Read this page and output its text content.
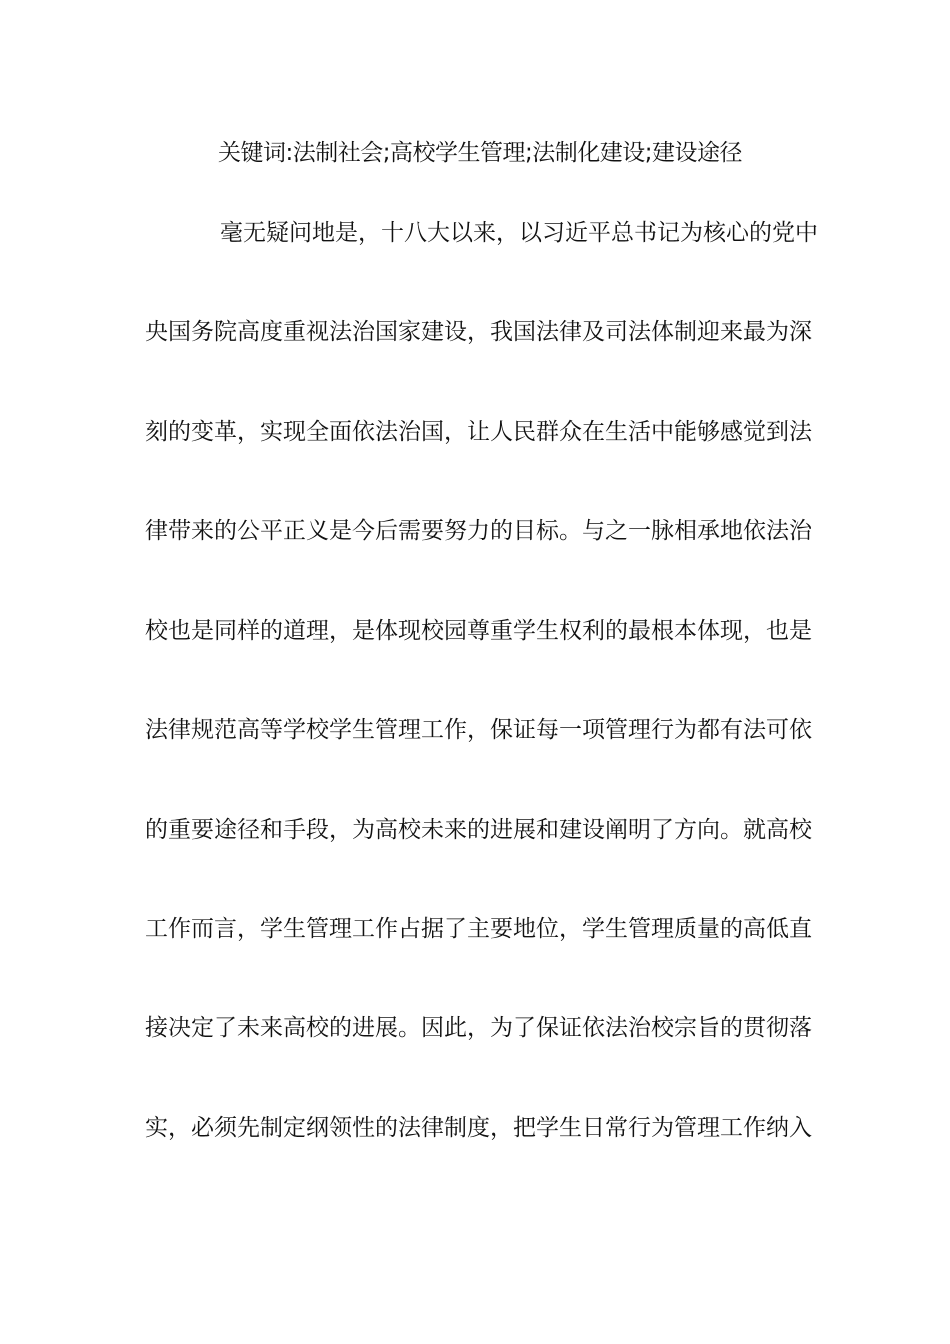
关键词:法制社会;高校学生管理;法制化建设;建设途径
毫无疑问地是，十八大以来，以习近平总书记为核心的党中
央国务院高度重视法治国家建设，我国法律及司法体制迎来最为深
刻的变革，实现全面依法治国，让人民群众在生活中能够感觉到法
律带来的公平正义是今后需要努力的目标。与之一脉相承地依法治
校也是同样的道理，是体现校园尊重学生权利的最根本体现，也是
法律规范高等学校学生管理工作，保证每一项管理行为都有法可依
的重要途径和手段，为高校未来的进展和建设阐明了方向。就高校
工作而言，学生管理工作占据了主要地位，学生管理质量的高低直
接决定了未来高校的进展。因此，为了保证依法治校宗旨的贯彻落
实，必须先制定纲领性的法律制度，把学生日常行为管理工作纳入
